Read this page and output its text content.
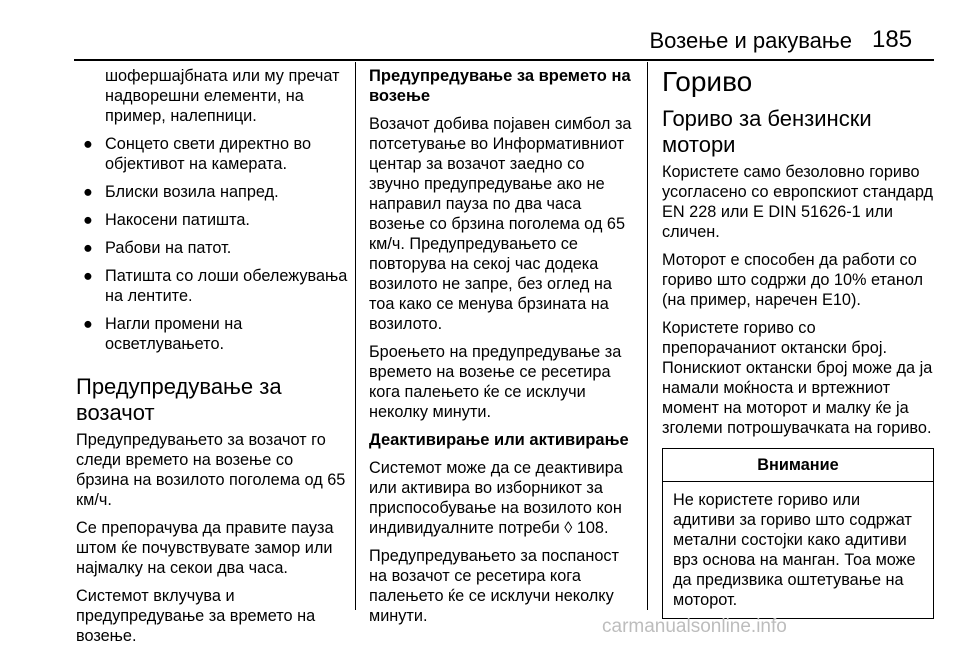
Возење и ракување 185

шофершајбната или му пречат надворешни елементи, на пример, налепници.

● Сонцето свети директно во објективот на камерата.
● Блиски возила напред.
● Накосени патишта.
● Рабови на патот.
● Патишта со лоши обележувања на лентите.
● Нагли промени на осветлувањето.
Предупредување за возачот

Предупредувањето за возачот го следи времето на возење со брзина на возилото поголема од 65 км/ч.

Се препорачува да правите пауза штом ќе почувствувате замор или најмалку на секои два часа.

Системот вклучува и предупредување за времето на возење.

Предупредување за времето на возење

Возачот добива појавен симбол за потсетување во Информативниот центар за возачот заедно со звучно предупредување ако не направил пауза по два часа возење со брзина поголема од 65 км/ч. Предупредувањето се повторува на секој час додека возилото не запре, без оглед на тоа како се менува брзината на возилото.

Броењето на предупредување за времето на возење се ресетира кога палењето ќе се исклучи неколку минути.

Деактивирање или активирање

Системот може да се деактивира или активира во изборникот за приспособување на возилото кон индивидуалните потреби ◊ 108.

Предупредувањето за поспаност на возачот се ресетира кога палењето ќе се исклучи неколку минути.

Гориво
Гориво за бензински мотори

Користете само безоловно гориво усогласено со европскиот стандард EN 228 или E DIN 51626-1 или сличен.

Моторот е способен да работи со гориво што содржи до 10% етанол (на пример, наречен E10).

Користете гориво со препорачаниот октански број. Понискиот октански број може да ја намали моќноста и вртежниот момент на моторот и малку ќе ја зголеми потрошувачката на гориво.

Внимание
Не користете гориво или адитиви за гориво што содржат метални состојки како адитиви врз основа на манган. Тоа може да предизвика оштетување на моторот.
carmanualsonline.info
